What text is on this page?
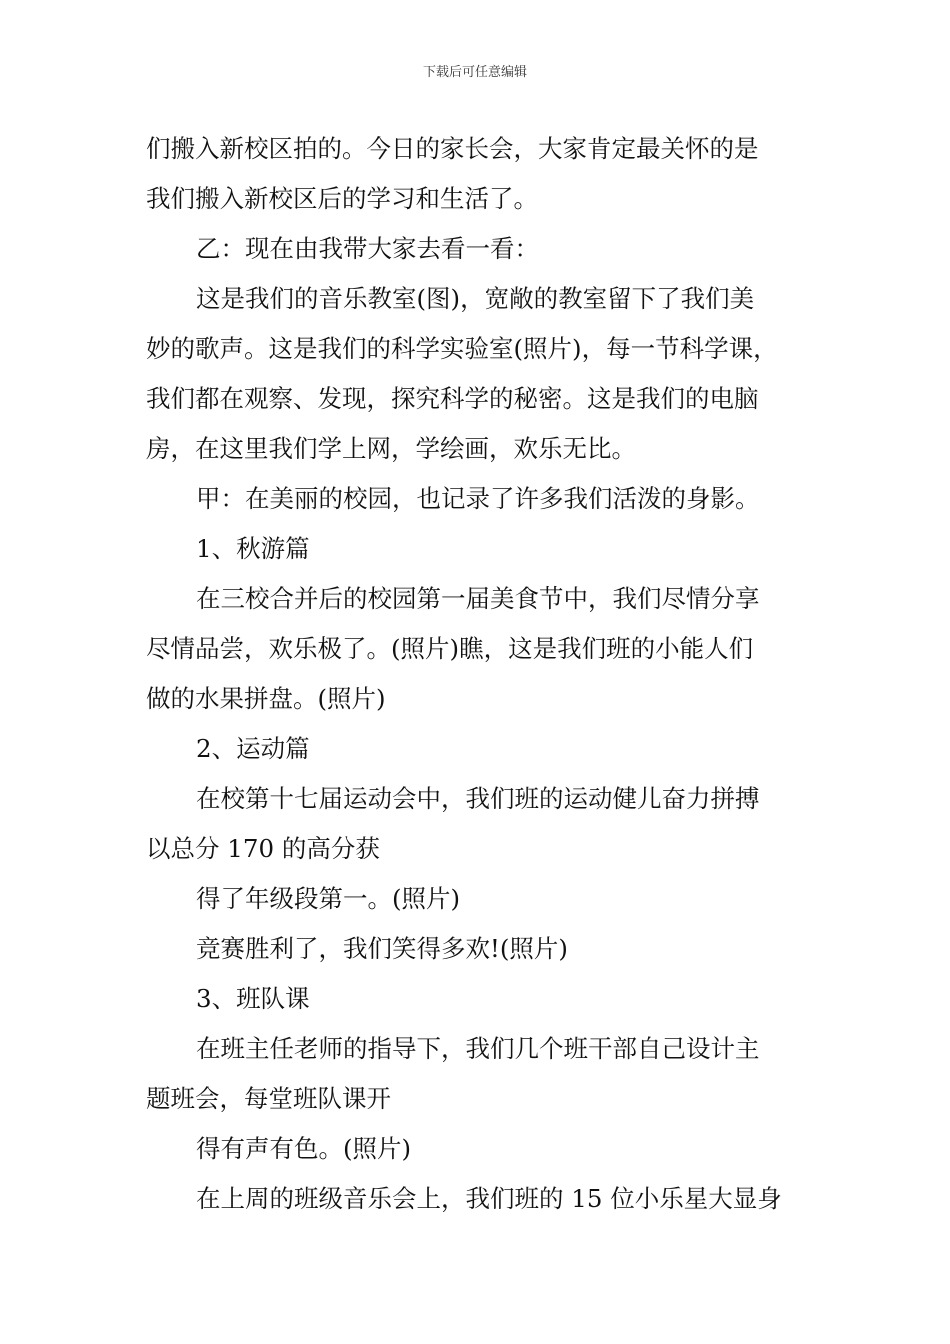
下载后可任意编辑
们搬入新校区拍的。今日的家长会，大家肯定最关怀的是
我们搬入新校区后的学习和生活了。
乙：现在由我带大家去看一看：
这是我们的音乐教室(图)，宽敞的教室留下了我们美
妙的歌声。这是我们的科学实验室(照片)，每一节科学课，
我们都在观察、发现，探究科学的秘密。这是我们的电脑
房，在这里我们学上网，学绘画，欢乐无比。
甲：在美丽的校园，也记录了许多我们活泼的身影。
1、秋游篇
在三校合并后的校园第一届美食节中，我们尽情分享
尽情品尝，欢乐极了。(照片)瞧，这是我们班的小能人们
做的水果拼盘。(照片)
2、运动篇
在校第十七届运动会中，我们班的运动健儿奋力拼搏
以总分 170 的高分获
得了年级段第一。(照片)
竞赛胜利了，我们笑得多欢!(照片)
3、班队课
在班主任老师的指导下，我们几个班干部自己设计主
题班会，每堂班队课开
得有声有色。(照片)
在上周的班级音乐会上，我们班的 15 位小乐星大显身
